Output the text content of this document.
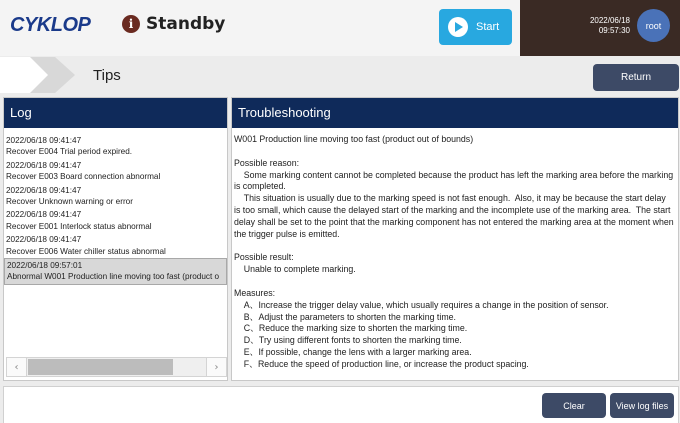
CYKLOP	i Standby	Start
2022/06/18
09:57:30	root
Tips	Return
Log
2022/06/18 09:41:47
Recover E004 Trial period expired.
2022/06/18 09:41:47
Recover E003 Board connection abnormal
2022/06/18 09:41:47
Recover Unknown warning or error
2022/06/18 09:41:47
Recover E001 Interlock status abnormal
2022/06/18 09:41:47
Recover E006 Water chiller status abnormal
2022/06/18 09:57:01
Abnormal W001 Production line moving too fast (product o
‹	›
Troubleshooting
W001 Production line moving too fast (product out of bounds)
Possible reason:
Some marking content cannot be completed because the product has left the marking area before the marking is completed.
This situation is usually due to the marking speed is not fast enough.  Also, it may be because the start delay is too small, which cause the delayed start of the marking and the incomplete use of the marking area.  The start delay shall be set to the point that the marking component has not entered the marking area at the moment when the trigger pulse is emitted.
Possible result:
Unable to complete marking.
Measures:
A、Increase the trigger delay value, which usually requires a change in the position of sensor.
B、Adjust the parameters to shorten the marking time.
C、Reduce the marking size to shorten the marking time.
D、Try using different fonts to shorten the marking time.
E、If possible, change the lens with a larger marking area.
F、Reduce the speed of production line, or increase the product spacing.
Clear	View log files
